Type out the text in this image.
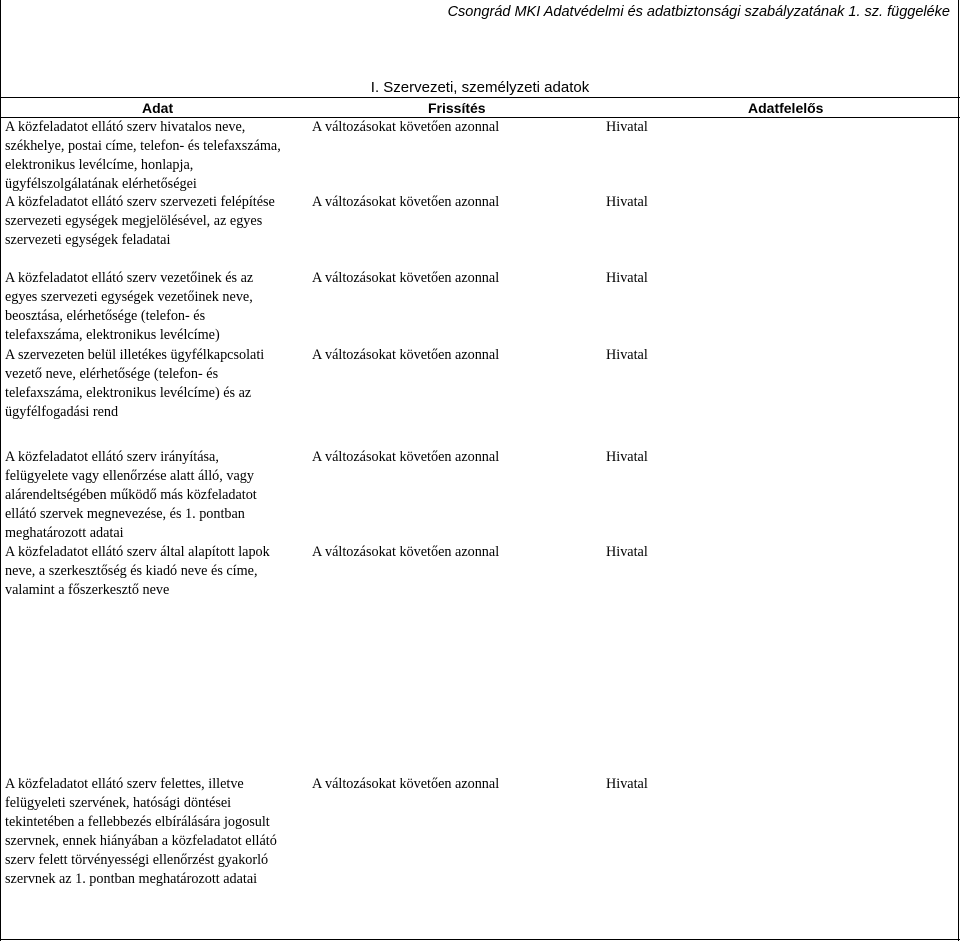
Csongrád MKI Adatvédelmi és adatbiztonsági szabályzatának 1. sz. függeléke
I. Szervezeti, személyzeti adatok
Adat	Frissítés	Adatfelelős
A közfeladatot ellátó szerv hivatalos neve,
székhelye, postai címe, telefon- és telefaxszáma,
elektronikus levélcíme, honlapja,
ügyfélszolgálatának elérhetőségei
A változásokat követően azonnal	Hivatal
A közfeladatot ellátó szerv szervezeti felépítése
szervezeti egységek megjelölésével, az egyes
szervezeti egységek feladatai
A változásokat követően azonnal	Hivatal
A közfeladatot ellátó szerv vezetőinek és az
egyes szervezeti egységek vezetőinek neve,
beosztása, elérhetősége (telefon- és
telefaxszáma, elektronikus levélcíme)
A változásokat követően azonnal	Hivatal
A szervezeten belül illetékes ügyfélkapcsolati
vezető neve, elérhetősége (telefon- és
telefaxszáma, elektronikus levélcíme) és az
ügyfélfogadási rend
A változásokat követően azonnal	Hivatal
A közfeladatot ellátó szerv irányítása,
felügyelete vagy ellenőrzése alatt álló, vagy
alárendeltségében működő más közfeladatot
ellátó szervek megnevezése, és 1. pontban
meghatározott adatai
A változásokat követően azonnal	Hivatal
A közfeladatot ellátó szerv által alapított lapok
neve, a szerkesztőség és kiadó neve és címe,
valamint a főszerkesztő neve
A változásokat követően azonnal	Hivatal
A közfeladatot ellátó szerv felettes, illetve
felügyeleti szervének, hatósági döntései
tekintetében a fellebbezés elbírálására jogosult
szervnek, ennek hiányában a közfeladatot ellátó
szerv felett törvényességi ellenőrzést gyakorló
szervnek az 1. pontban meghatározott adatai
A változásokat követően azonnal	Hivatal
